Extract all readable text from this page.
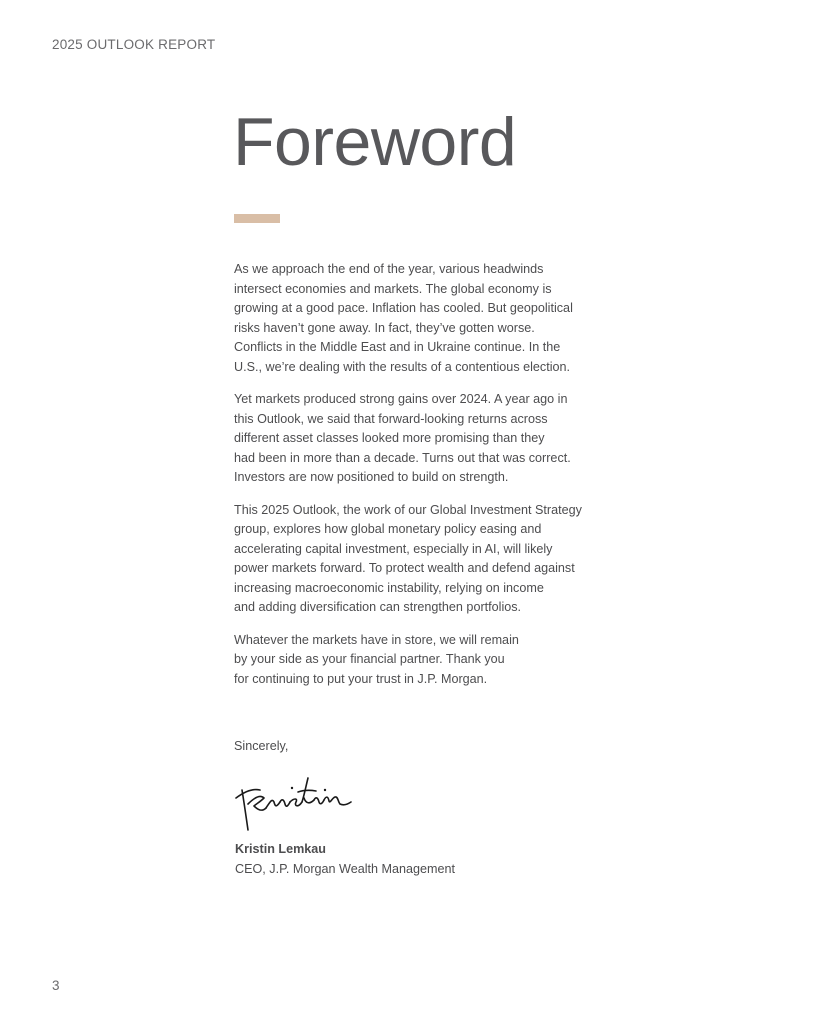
2025 OUTLOOK REPORT
Foreword

As we approach the end of the year, various headwinds
intersect economies and markets. The global economy is
growing at a good pace. Inflation has cooled. But geopolitical
risks haven’t gone away. In fact, they’ve gotten worse.
Conflicts in the Middle East and in Ukraine continue. In the
U.S., we’re dealing with the results of a contentious election.

Yet markets produced strong gains over 2024. A year ago in
this Outlook, we said that forward-looking returns across
different asset classes looked more promising than they
had been in more than a decade. Turns out that was correct.
Investors are now positioned to build on strength.

This 2025 Outlook, the work of our Global Investment Strategy
group, explores how global monetary policy easing and
accelerating capital investment, especially in AI, will likely
power markets forward. To protect wealth and defend against
increasing macroeconomic instability, relying on income
and adding diversification can strengthen portfolios.

Whatever the markets have in store, we will remain
by your side as your financial partner. Thank you
for continuing to put your trust in J.P. Morgan.

Sincerely,
Kristin Lemkau
CEO, J.P. Morgan Wealth Management
3
